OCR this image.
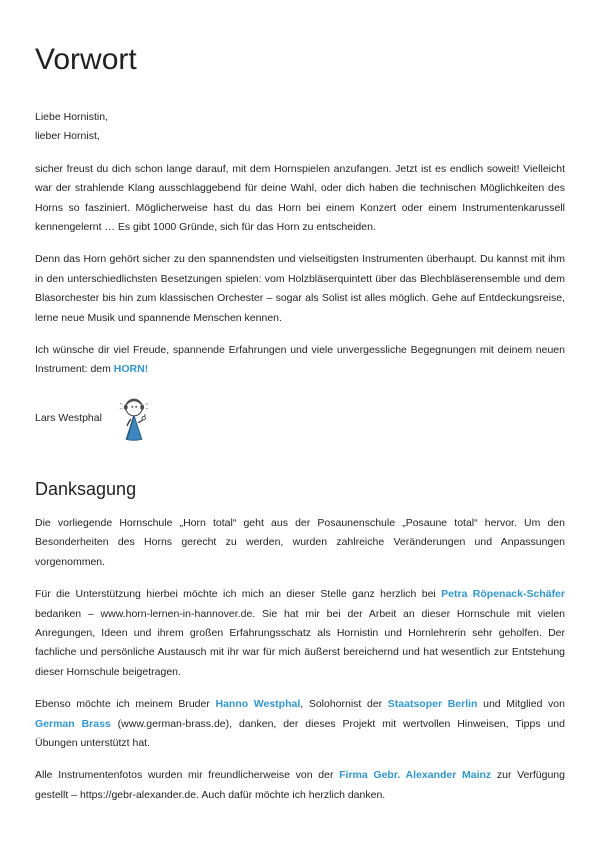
Vorwort

Liebe Hornistin,
lieber Hornist,

sicher freust du dich schon lange darauf, mit dem Hornspielen anzufangen. Jetzt ist es endlich soweit! Vielleicht war der strahlende Klang ausschlaggebend für deine Wahl, oder dich haben die technischen Möglichkeiten des Horns so fasziniert. Möglicherweise hast du das Horn bei einem Konzert oder einem Instrumentenkarussell kennengelernt … Es gibt 1000 Gründe, sich für das Horn zu entscheiden.

Denn das Horn gehört sicher zu den spannendsten und vielseitigsten Instrumenten überhaupt. Du kannst mit ihm in den unterschiedlichsten Besetzungen spielen: vom Holzbläserquintett über das Blechbläserensemble und dem Blasorchester bis hin zum klassischen Orchester – sogar als Solist ist alles möglich. Gehe auf Entdeckungsreise, lerne neue Musik und spannende Menschen kennen.

Ich wünsche dir viel Freude, spannende Erfahrungen und viele unvergessliche Begegnungen mit deinem neuen Instrument: dem HORN!

Lars Westphal
Danksagung

Die vorliegende Hornschule „Horn total“ geht aus der Posaunenschule „Posaune total“ hervor. Um den Besonderheiten des Horns gerecht zu werden, wurden zahlreiche Veränderungen und Anpassungen vorgenommen.

Für die Unterstützung hierbei möchte ich mich an dieser Stelle ganz herzlich bei Petra Röpenack-Schäfer bedanken – www.horn-lernen-in-hannover.de. Sie hat mir bei der Arbeit an dieser Hornschule mit vielen Anregungen, Ideen und ihrem großen Erfahrungsschatz als Hornistin und Hornlehrerin sehr geholfen. Der fachliche und persönliche Austausch mit ihr war für mich äußerst bereichernd und hat wesentlich zur Entstehung dieser Hornschule beigetragen.

Ebenso möchte ich meinem Bruder Hanno Westphal, Solohornist der Staatsoper Berlin und Mitglied von German Brass (www.german-brass.de), danken, der dieses Projekt mit wertvollen Hinweisen, Tipps und Übungen unterstützt hat.

Alle Instrumentenfotos wurden mir freundlicherweise von der Firma Gebr. Alexander Mainz zur Verfügung gestellt – https://gebr-alexander.de. Auch dafür möchte ich herzlich danken.
